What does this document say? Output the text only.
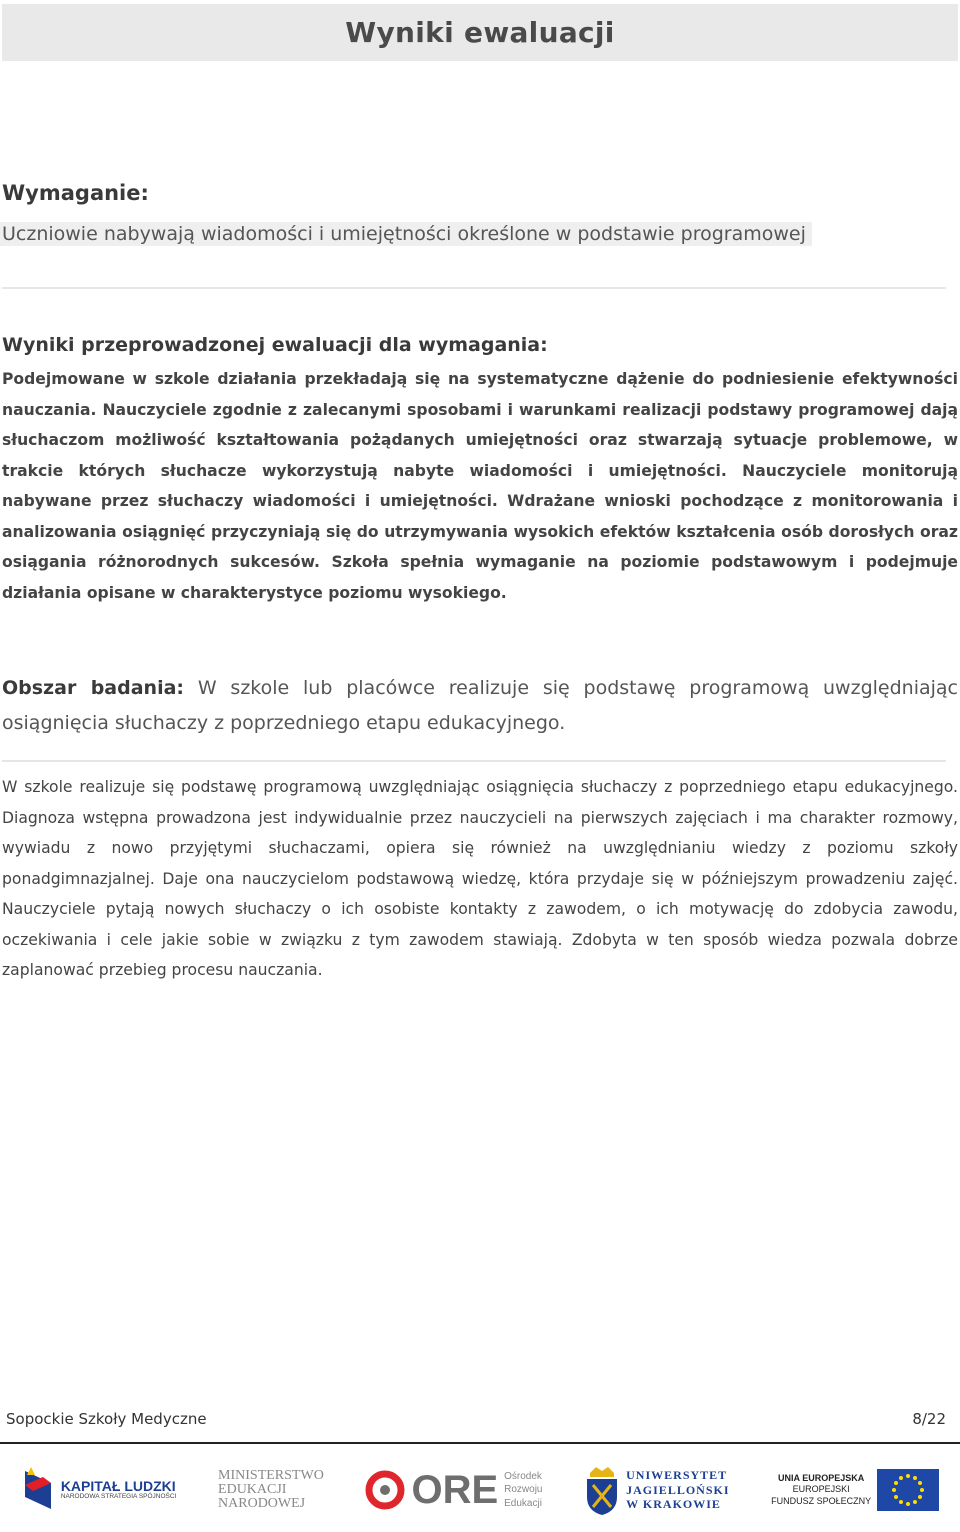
Wyniki ewaluacji
Wymaganie:
Uczniowie nabywają wiadomości i umiejętności określone w podstawie programowej
Wyniki przeprowadzonej ewaluacji dla wymagania:

Podejmowane w szkole działania przekładają się na systematyczne dążenie do podniesienie efektywności nauczania. Nauczyciele zgodnie z zalecanymi sposobami i warunkami realizacji podstawy programowej dają słuchaczom możliwość kształtowania pożądanych umiejętności oraz stwarzają sytuacje problemowe, w trakcie których słuchacze wykorzystują nabyte wiadomości i umiejętności. Nauczyciele monitorują nabywane przez słuchaczy wiadomości i umiejętności. Wdrażane wnioski pochodzące z monitorowania i analizowania osiągnięć przyczyniają się do utrzymywania wysokich efektów kształcenia osób dorosłych oraz osiągania różnorodnych sukcesów. Szkoła spełnia wymaganie na poziomie podstawowym i podejmuje działania opisane w charakterystyce poziomu wysokiego.

Obszar badania: W szkole lub placówce realizuje się podstawę programową uwzględniając osiągnięcia słuchaczy z poprzedniego etapu edukacyjnego.

W szkole realizuje się podstawę programową uwzględniając osiągnięcia słuchaczy z poprzedniego etapu edukacyjnego. Diagnoza wstępna prowadzona jest indywidualnie przez nauczycieli na pierwszych zajęciach i ma charakter rozmowy, wywiadu z nowo przyjętymi słuchaczami, opiera się również na uwzględnianiu wiedzy z poziomu szkoły ponadgimnazjalnej. Daje ona nauczycielom podstawową wiedzę, która przydaje się w późniejszym prowadzeniu zajęć. Nauczyciele pytają nowych słuchaczy o ich osobiste kontakty z zawodem, o ich motywację do zdobycia zawodu, oczekiwania i cele jakie sobie w związku z tym zawodem stawiają. Zdobyta w ten sposób wiedza pozwala dobrze zaplanować przebieg procesu nauczania.

Sopockie Szkoły Medyczne	8/22
KAPITAŁ LUDZKI
NARODOWA STRATEGIA SPÓJNOŚCI
MINISTERSTWO
EDUKACJI
NARODOWEJ	ORE Ośrodek
Rozwoju
Edukacji
UNIWERSYTET
JAGIELLOŃSKI
W KRAKOWIE
UNIA EUROPEJSKA
EUROPEJSKI
FUNDUSZ SPOŁECZNY
